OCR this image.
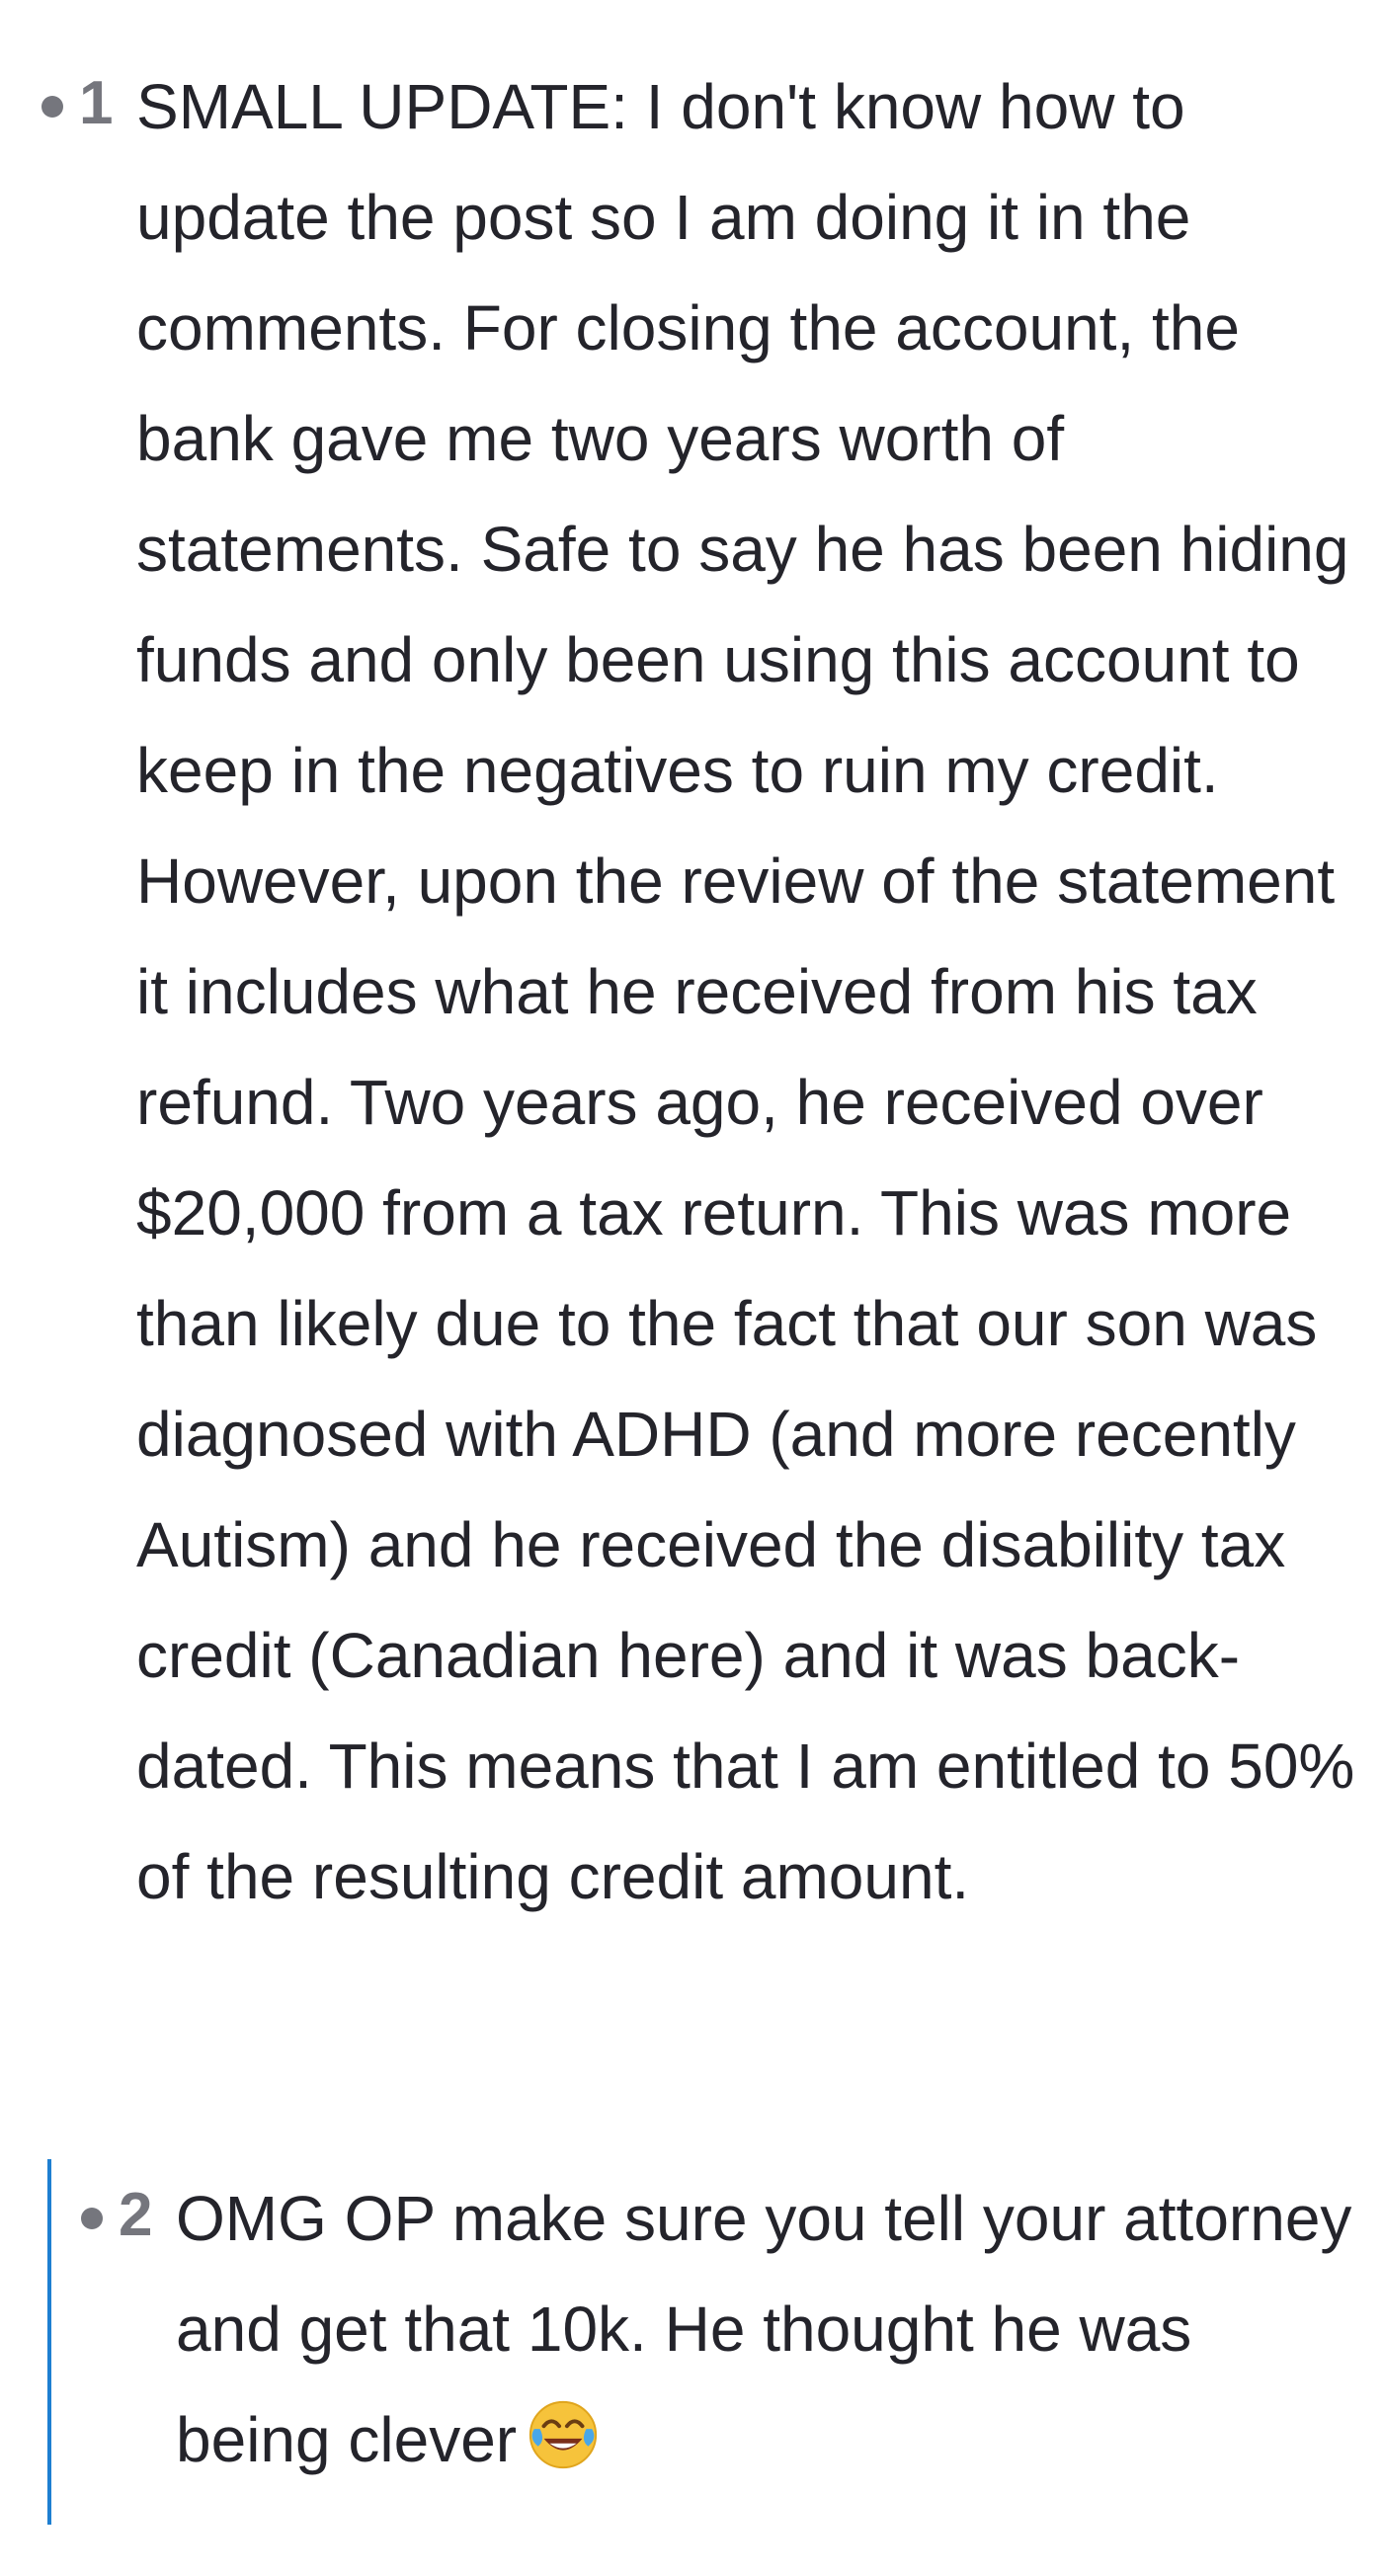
1 SMALL UPDATE: I don't know how to update the post so I am doing it in the comments. For closing the account, the bank gave me two years worth of statements. Safe to say he has been hiding funds and only been using this account to keep in the negatives to ruin my credit. However, upon the review of the statement it includes what he received from his tax refund. Two years ago, he received over $20,000 from a tax return. This was more than likely due to the fact that our son was diagnosed with ADHD (and more recently Autism) and he received the disability tax credit (Canadian here) and it was back-dated. This means that I am entitled to 50% of the resulting credit amount.
2 OMG OP make sure you tell your attorney and get that 10k. He thought he was being clever
